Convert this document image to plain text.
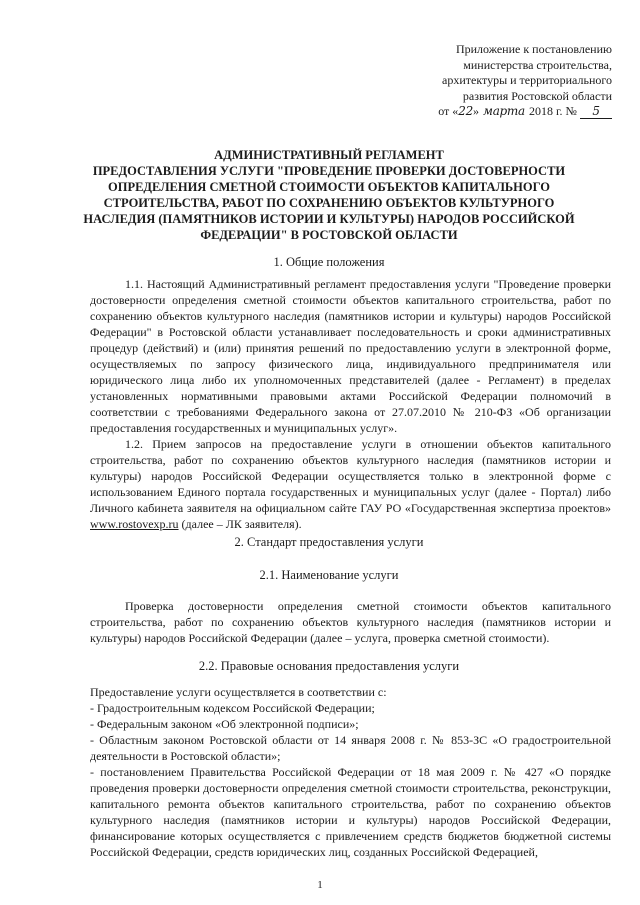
Приложение к постановлению
министерства строительства,
архитектуры и территориального
развития Ростовской области
от «22» марта 2018 г. № 5
АДМИНИСТРАТИВНЫЙ РЕГЛАМЕНТ
ПРЕДОСТАВЛЕНИЯ УСЛУГИ "ПРОВЕДЕНИЕ ПРОВЕРКИ ДОСТОВЕРНОСТИ
ОПРЕДЕЛЕНИЯ СМЕТНОЙ СТОИМОСТИ ОБЪЕКТОВ КАПИТАЛЬНОГО
СТРОИТЕЛЬСТВА, РАБОТ ПО СОХРАНЕНИЮ ОБЪЕКТОВ КУЛЬТУРНОГО
НАСЛЕДИЯ (ПАМЯТНИКОВ ИСТОРИИ И КУЛЬТУРЫ) НАРОДОВ РОССИЙСКОЙ
ФЕДЕРАЦИИ" В РОСТОВСКОЙ ОБЛАСТИ
1. Общие положения
1.1. Настоящий Административный регламент предоставления услуги "Проведение проверки достоверности определения сметной стоимости объектов капитального строительства, работ по сохранению объектов культурного наследия (памятников истории и культуры) народов Российской Федерации" в Ростовской области устанавливает последовательность и сроки административных процедур (действий) и (или) принятия решений по предоставлению услуги в электронной форме, осуществляемых по запросу физического лица, индивидуального предпринимателя или юридического лица либо их уполномоченных представителей (далее - Регламент) в пределах установленных нормативными правовыми актами Российской Федерации полномочий в соответствии с требованиями Федерального закона от 27.07.2010 № 210-ФЗ «Об организации предоставления государственных и муниципальных услуг».
1.2. Прием запросов на предоставление услуги в отношении объектов капитального строительства, работ по сохранению объектов культурного наследия (памятников истории и культуры) народов Российской Федерации осуществляется только в электронной форме с использованием Единого портала государственных и муниципальных услуг (далее - Портал) либо Личного кабинета заявителя на официальном сайте ГАУ РО «Государственная экспертиза проектов» www.rostovexp.ru (далее – ЛК заявителя).
2. Стандарт предоставления услуги
2.1. Наименование услуги
Проверка достоверности определения сметной стоимости объектов капитального строительства, работ по сохранению объектов культурного наследия (памятников истории и культуры) народов Российской Федерации (далее – услуга, проверка сметной стоимости).
2.2. Правовые основания предоставления услуги
Предоставление услуги осуществляется в соответствии с:
- Градостроительным кодексом Российской Федерации;
- Федеральным законом «Об электронной подписи»;
- Областным законом Ростовской области от 14 января 2008 г. № 853-ЗС «О градостроительной деятельности в Ростовской области»;
- постановлением Правительства Российской Федерации от 18 мая 2009 г. № 427 «О порядке проведения проверки достоверности определения сметной стоимости строительства, реконструкции, капитального ремонта объектов капитального строительства, работ по сохранению объектов культурного наследия (памятников истории и культуры) народов Российской Федерации, финансирование которых осуществляется с привлечением средств бюджетов бюджетной системы Российской Федерации, средств юридических лиц, созданных Российской Федерацией,
1
